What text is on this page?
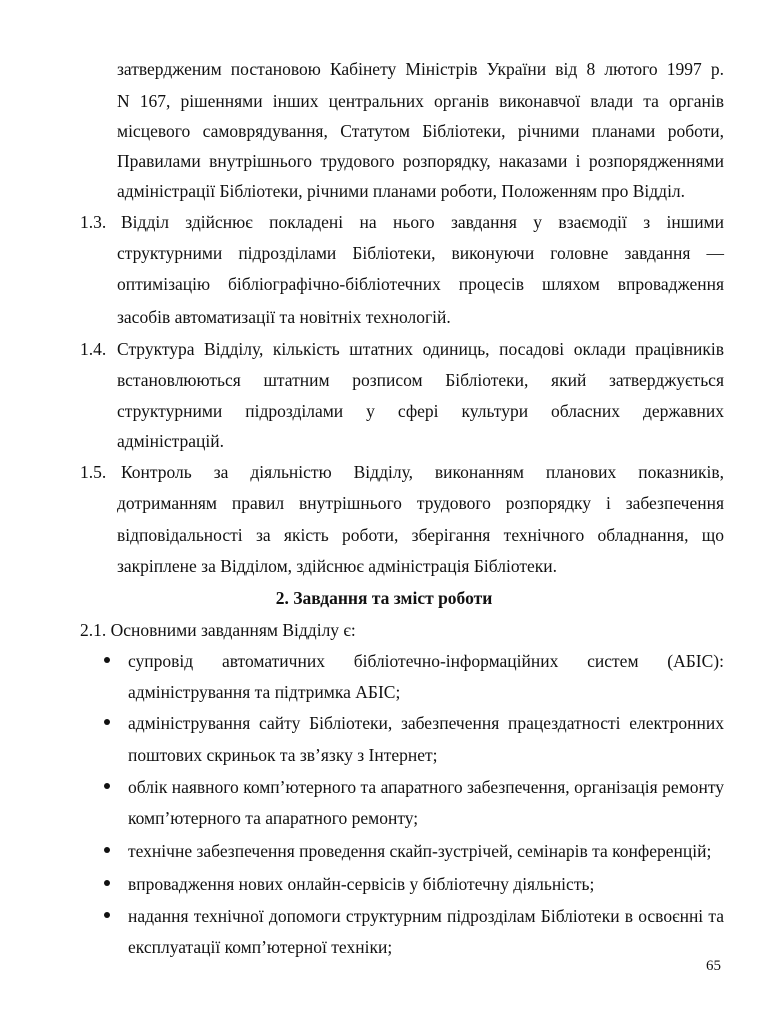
затвердженим постановою Кабінету Міністрів України від 8 лютого 1997 р.
N 167, рішеннями інших центральних органів виконавчої влади та органів
місцевого самоврядування, Статутом Бібліотеки, річними планами роботи,
Правилами внутрішнього трудового розпорядку, наказами і розпорядженнями
адміністрації Бібліотеки, річними планами роботи, Положенням про Відділ.
1.3. Відділ здійснює покладені на нього завдання у взаємодії з іншими
структурними підрозділами Бібліотеки, виконуючи головне завдання —
оптимізацію бібліографічно-бібліотечних процесів шляхом впровадження
засобів автоматизації та новітніх технологій.
1.4. Структура Відділу, кількість штатних одиниць, посадові оклади працівників
встановлюються штатним розписом Бібліотеки, який затверджується
структурними підрозділами у сфері культури обласних державних
адміністрацій.
1.5. Контроль за діяльністю Відділу, виконанням планових показників,
дотриманням правил внутрішнього трудового розпорядку і забезпечення
відповідальності за якість роботи, зберігання технічного обладнання, що
закріплене за Відділом, здійснює адміністрація Бібліотеки.
2. Завдання та зміст роботи
2.1. Основними завданням Відділу є:
супровід автоматичних бібліотечно-інформаційних систем (АБІС):
адміністрування та підтримка АБІС;
адміністрування сайту Бібліотеки, забезпечення працездатності електронних
поштових скриньок та зв’язку з Інтернет;
облік наявного комп’ютерного та апаратного забезпечення, організація ремонту
комп’ютерного та апаратного ремонту;
технічне забезпечення проведення скайп-зустрічей, семінарів та конференцій;
впровадження нових онлайн-сервісів у бібліотечну діяльність;
надання технічної допомоги структурним підрозділам Бібліотеки в освоєнні та
експлуатації комп’ютерної техніки;
65
